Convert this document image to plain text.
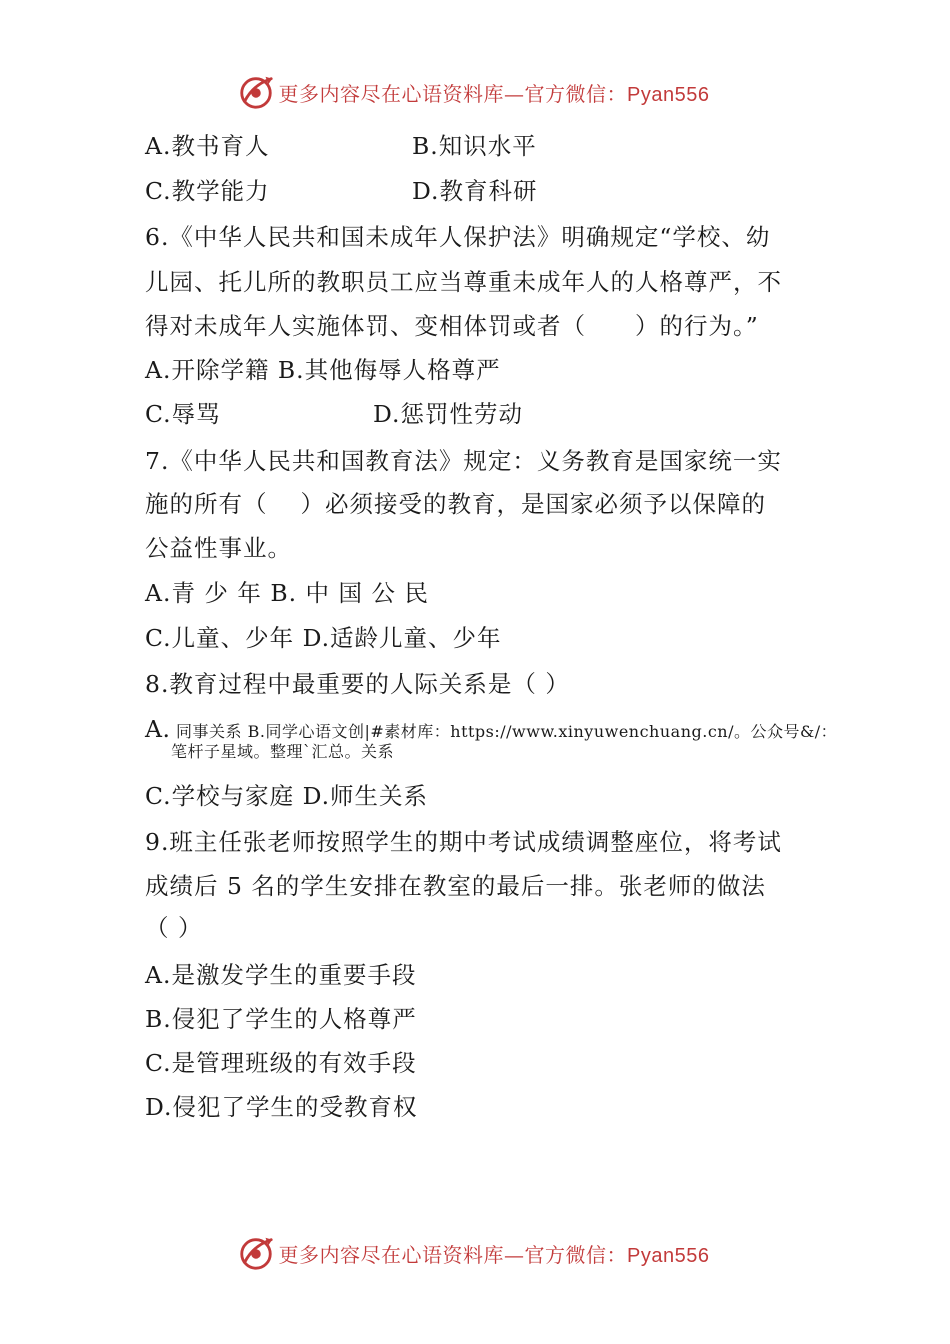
更多内容尽在心语资料库—官方微信：Pyan556
A.教书育人	B.知识水平
C.教学能力	D.教育科研
6.《中华人民共和国未成年人保护法》明确规定“学校、幼
儿园、托儿所的教职员工应当尊重未成年人的人格尊严，不
得对未成年人实施体罚、变相体罚或者（　　）的行为。”
A.开除学籍 B.其他侮辱人格尊严
C.辱骂	D.惩罚性劳动
7.《中华人民共和国教育法》规定：义务教育是国家统一实
施的所有（　 ）必须接受的教育，是国家必须予以保障的
公益性事业。
A.青 少 年 B. 中 国 公 民
C.儿童、少年 D.适龄儿童、少年
8.教育过程中最重要的人际关系是（ ）
A. 同事关系 B.同学心语文创|#素材库：https://www.xinyuwenchuang.cn/。公众号&/：
笔杆子星域。整理`汇总。关系
C.学校与家庭 D.师生关系
9.班主任张老师按照学生的期中考试成绩调整座位，将考试
成绩后 5 名的学生安排在教室的最后一排。张老师的做法
（ ）
A.是激发学生的重要手段
B.侵犯了学生的人格尊严
C.是管理班级的有效手段
D.侵犯了学生的受教育权
更多内容尽在心语资料库—官方微信：Pyan556
